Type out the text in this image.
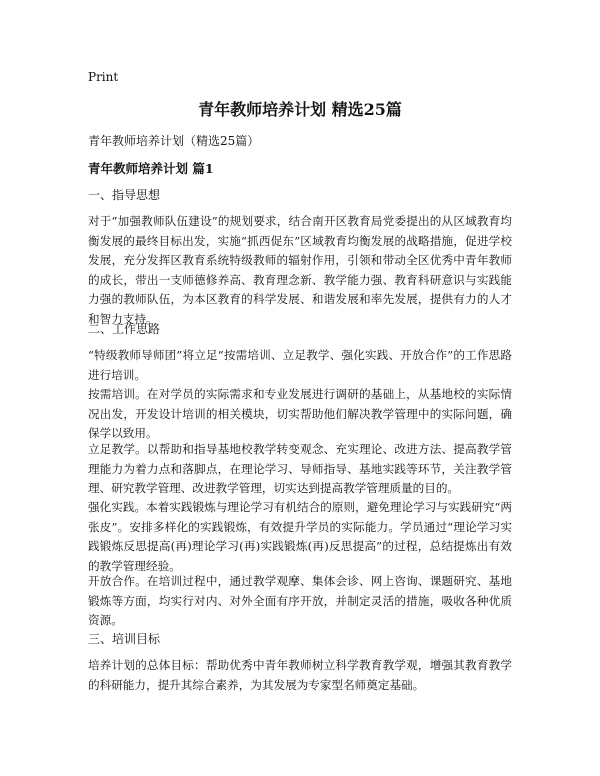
Print
青年教师培养计划 精选25篇
青年教师培养计划（精选25篇）
青年教师培养计划 篇1
一、指导思想
对于“加强教师队伍建设”的规划要求，结合南开区教育局党委提出的从区域教育均衡发展的最终目标出发，实施“抓西促东”区域教育均衡发展的战略措施，促进学校发展，充分发挥区教育系统特级教师的辐射作用，引领和带动全区优秀中青年教师的成长，带出一支师德修养高、教育理念新、教学能力强、教育科研意识与实践能力强的教师队伍，为本区教育的科学发展、和谐发展和率先发展，提供有力的人才和智力支持。
二、工作思路
“特级教师导师团”将立足“按需培训、立足教学、强化实践、开放合作”的工作思路进行培训。
按需培训。在对学员的实际需求和专业发展进行调研的基础上，从基地校的实际情况出发，开发设计培训的相关模块，切实帮助他们解决教学管理中的实际问题，确保学以致用。
立足教学。以帮助和指导基地校教学转变观念、充实理论、改进方法、提高教学管理能力为着力点和落脚点，在理论学习、导师指导、基地实践等环节，关注教学管理、研究教学管理、改进教学管理，切实达到提高教学管理质量的目的。
强化实践。本着实践锻炼与理论学习有机结合的原则，避免理论学习与实践研究“两张皮”。安排多样化的实践锻炼，有效提升学员的实际能力。学员通过“理论学习实践锻炼反思提高(再)理论学习(再)实践锻炼(再)反思提高”的过程，总结提炼出有效的教学管理经验。
开放合作。在培训过程中，通过教学观摩、集体会诊、网上咨询、课题研究、基地锻炼等方面，均实行对内、对外全面有序开放，并制定灵活的措施，吸收各种优质资源。
三、培训目标
培养计划的总体目标：帮助优秀中青年教师树立科学教育教学观，增强其教育教学的科研能力，提升其综合素养，为其发展为专家型名师奠定基础。
